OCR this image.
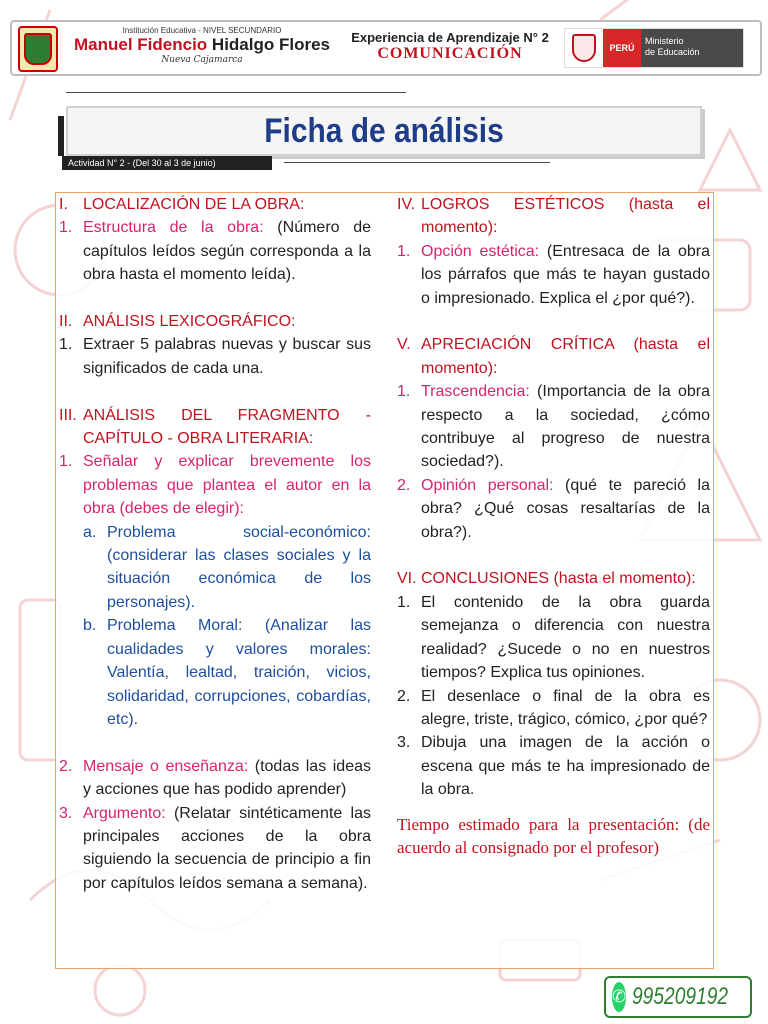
Institución Educativa - NIVEL SECUNDARIO
Manuel Fidencio Hidalgo Flores
Nueva Cajamarca
Experiencia de Aprendizaje N° 2
COMUNICACIÓN	PERÚ
Ministerio
de Educación
Ficha de análisis
Actividad N° 2 - (Del 30 al 3 de junio)
I. LOCALIZACIÓN DE LA OBRA:
1. Estructura de la obra: (Número de capítulos leídos según corresponda a la obra hasta el momento leída).
II. ANÁLISIS LEXICOGRÁFICO:
1. Extraer 5 palabras nuevas y buscar sus significados de cada una.
III. ANÁLISIS DEL FRAGMENTO - CAPÍTULO - OBRA LITERARIA:
1. Señalar y explicar brevemente los problemas que plantea el autor en la obra (debes de elegir):
a. Problema social-económico: (considerar las clases sociales y la situación económica de los personajes).
b. Problema Moral: (Analizar las cualidades y valores morales: Valentía, lealtad, traición, vicios, solidaridad, corrupciones, cobardías, etc).
2. Mensaje o enseñanza: (todas las ideas y acciones que has podido aprender)
3. Argumento: (Relatar sintéticamente las principales acciones de la obra siguiendo la secuencia de principio a fin por capítulos leídos semana a semana).
IV. LOGROS ESTÉTICOS (hasta el momento):
1. Opción estética: (Entresaca de la obra los párrafos que más te hayan gustado o impresionado. Explica el ¿por qué?).
V. APRECIACIÓN CRÍTICA (hasta el momento):
1. Trascendencia: (Importancia de la obra respecto a la sociedad, ¿cómo contribuye al progreso de nuestra sociedad?).
2. Opinión personal: (qué te pareció la obra? ¿Qué cosas resaltarías de la obra?).
VI. CONCLUSIONES (hasta el momento):
1. El contenido de la obra guarda semejanza o diferencia con nuestra realidad? ¿Sucede o no en nuestros tiempos? Explica tus opiniones.
2. El desenlace o final de la obra es alegre, triste, trágico, cómico, ¿por qué?
3. Dibuja una imagen de la acción o escena que más te ha impresionado de la obra.
Tiempo estimado para la presentación: (de acuerdo al consignado por el profesor)
✆ 995209192
